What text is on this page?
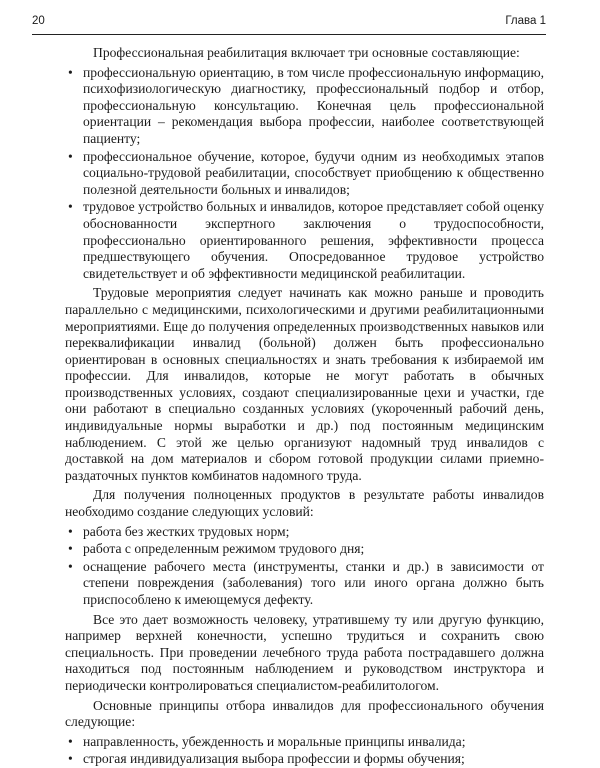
20	Глава 1

Профессиональная реабилитация включает три основные составляющие:

• профессиональную ориентацию, в том числе профессиональную информацию, психофизиологическую диагностику, профессиональный подбор и отбор, профессиональную консультацию. Конечная цель профессиональной ориентации – рекомендация выбора профессии, наиболее соответствующей пациенту;
• профессиональное обучение, которое, будучи одним из необходимых этапов социально-трудовой реабилитации, способствует приобщению к общественно полезной деятельности больных и инвалидов;
• трудовое устройство больных и инвалидов, которое представляет собой оценку обоснованности экспертного заключения о трудоспособности, профессионально ориентированного решения, эффективности процесса предшествующего обучения. Опосредованное трудовое устройство свидетельствует и об эффективности медицинской реабилитации.

Трудовые мероприятия следует начинать как можно раньше и проводить параллельно с медицинскими, психологическими и другими реабилитационными мероприятиями. Еще до получения определенных производственных навыков или переквалификации инвалид (больной) должен быть профессионально ориентирован в основных специальностях и знать требования к избираемой им профессии. Для инвалидов, которые не могут работать в обычных производственных условиях, создают специализированные цехи и участки, где они работают в специально созданных условиях (укороченный рабочий день, индивидуальные нормы выработки и др.) под постоянным медицинским наблюдением. С этой же целью организуют надомный труд инвалидов с доставкой на дом материалов и сбором готовой продукции силами приемно-раздаточных пунктов комбинатов надомного труда.

Для получения полноценных продуктов в результате работы инвалидов необходимо создание следующих условий:

• работа без жестких трудовых норм;
• работа с определенным режимом трудового дня;
• оснащение рабочего места (инструменты, станки и др.) в зависимости от степени повреждения (заболевания) того или иного органа должно быть приспособлено к имеющемуся дефекту.

Все это дает возможность человеку, утратившему ту или другую функцию, например верхней конечности, успешно трудиться и сохранить свою специальность. При проведении лечебного труда работа пострадавшего должна находиться под постоянным наблюдением и руководством инструктора и периодически контролироваться специалистом-реабилитологом.

Основные принципы отбора инвалидов для профессионального обучения следующие:

• направленность, убежденность и моральные принципы инвалида;
• строгая индивидуализация выбора профессии и формы обучения;
